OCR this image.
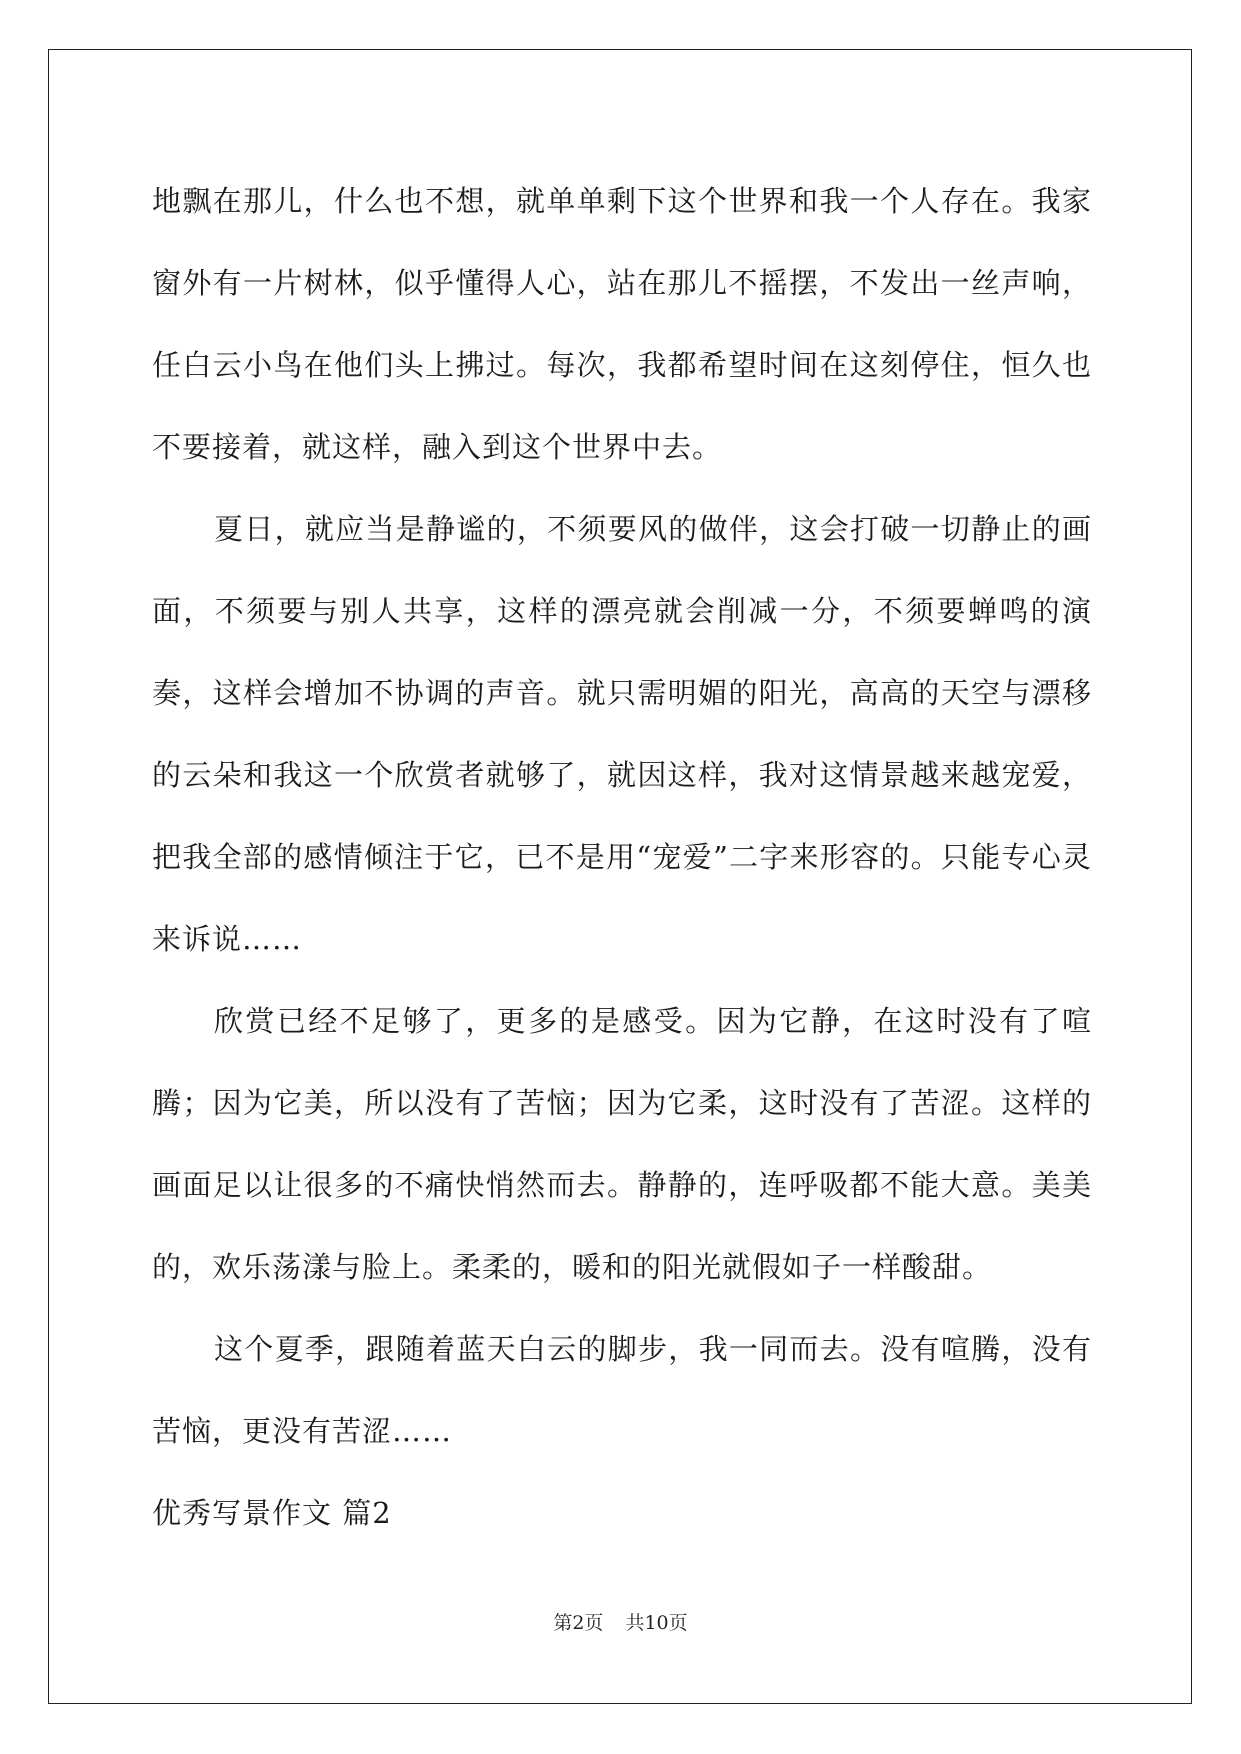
地飘在那儿，什么也不想，就单单剩下这个世界和我一个人存在。我家窗外有一片树林，似乎懂得人心，站在那儿不摇摆，不发出一丝声响，任白云小鸟在他们头上拂过。每次，我都希望时间在这刻停住，恒久也不要接着，就这样，融入到这个世界中去。

夏日，就应当是静谧的，不须要风的做伴，这会打破一切静止的画面，不须要与别人共享，这样的漂亮就会削减一分，不须要蝉鸣的演奏，这样会增加不协调的声音。就只需明媚的阳光，高高的天空与漂移的云朵和我这一个欣赏者就够了，就因这样，我对这情景越来越宠爱，把我全部的感情倾注于它，已不是用“宠爱”二字来形容的。只能专心灵来诉说……

欣赏已经不足够了，更多的是感受。因为它静，在这时没有了喧腾；因为它美，所以没有了苦恼；因为它柔，这时没有了苦涩。这样的画面足以让很多的不痛快悄然而去。静静的，连呼吸都不能大意。美美的，欢乐荡漾与脸上。柔柔的，暖和的阳光就假如子一样酸甜。

这个夏季，跟随着蓝天白云的脚步，我一同而去。没有喧腾，没有苦恼，更没有苦涩……

优秀写景作文 篇2

第2页 共10页
